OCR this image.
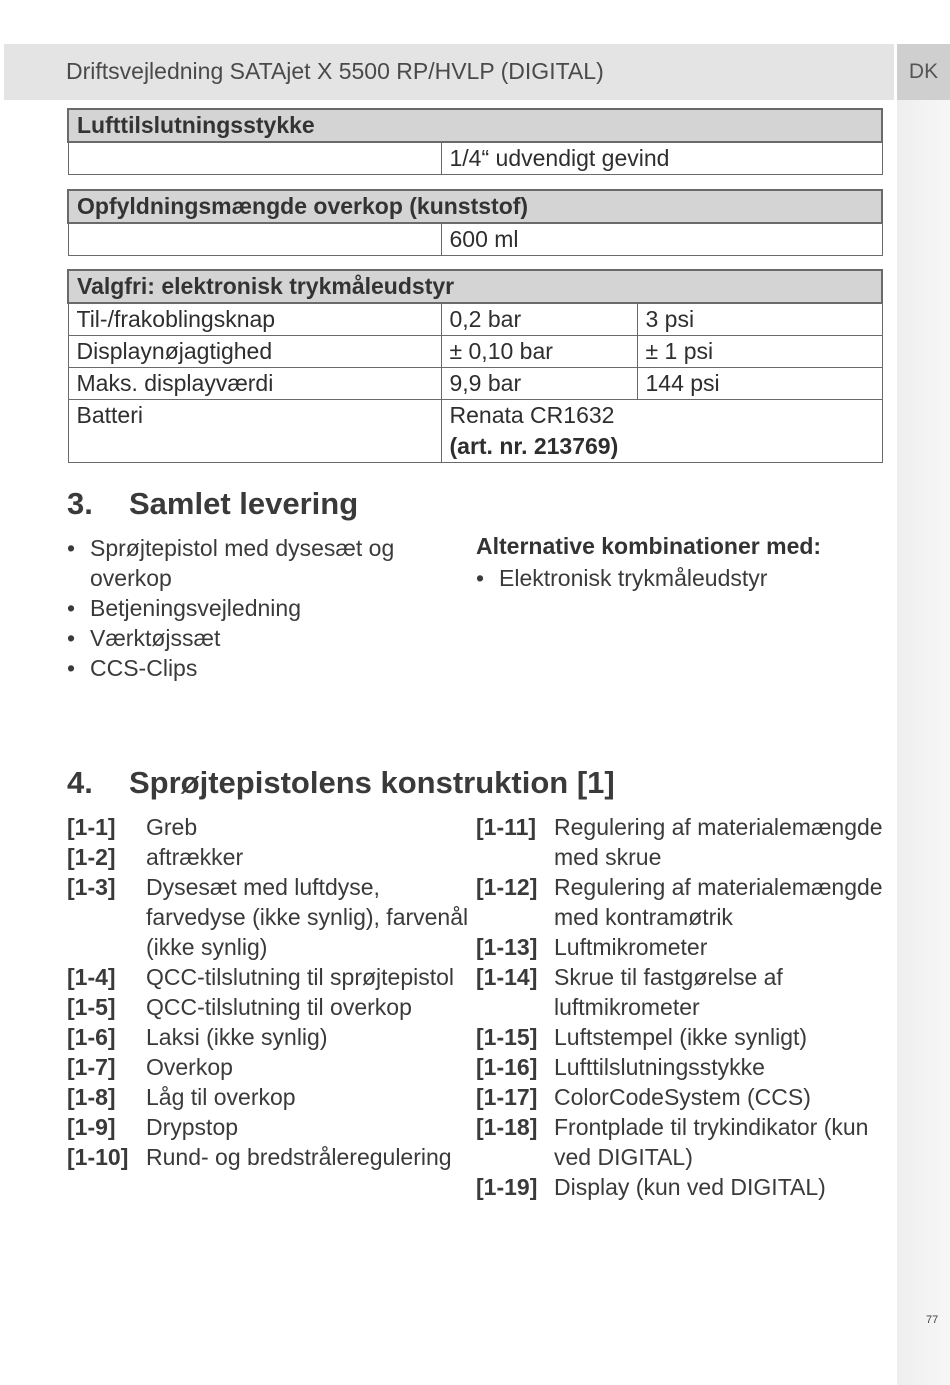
Driftsvejledning SATAjet X 5500 RP/HVLP (DIGITAL)	DK
Lufttilslutningsstykke
	1/4“ udvendigt gevind
Opfyldningsmængde overkop (kunststof)
	600 ml
Valgfri: elektronisk trykmåleudstyr		
Til-/frakoblingsknap	0,2 bar	3 psi
Displaynøjagtighed	± 0,10 bar	± 1 psi
Maks. displayværdi	9,9 bar	144 psi
Batteri	Renata CR1632
(art. nr. 213769)	
3. Samlet levering
• Sprøjtepistol med dysesæt og overkop
• Betjeningsvejledning
• Værktøjssæt
• CCS-Clips
Alternative kombinationer med:
• Elektronisk trykmåleudstyr
4. Sprøjtepistolens konstruktion [1]
[1-1]	Greb
[1-2]	aftrækker
[1-3]	Dysesæt med luftdyse, farvedyse (ikke synlig), farvenål (ikke synlig)
[1-4]	QCC-tilslutning til sprøjtepistol
[1-5]	QCC-tilslutning til overkop
[1-6]	Laksi (ikke synlig)
[1-7]	Overkop
[1-8]	Låg til overkop
[1-9]	Drypstop
[1-10] Rund- og bredstråleregulering
[1-11] Regulering af materialemængde med skrue
[1-12] Regulering af materialemængde med kontramøtrik
[1-13] Luftmikrometer
[1-14] Skrue til fastgørelse af luftmikrometer
[1-15] Luftstempel (ikke synligt)
[1-16] Lufttilslutningsstykke
[1-17] ColorCodeSystem (CCS)
[1-18] Frontplade til trykindikator (kun ved DIGITAL)
[1-19] Display (kun ved DIGITAL)
77
